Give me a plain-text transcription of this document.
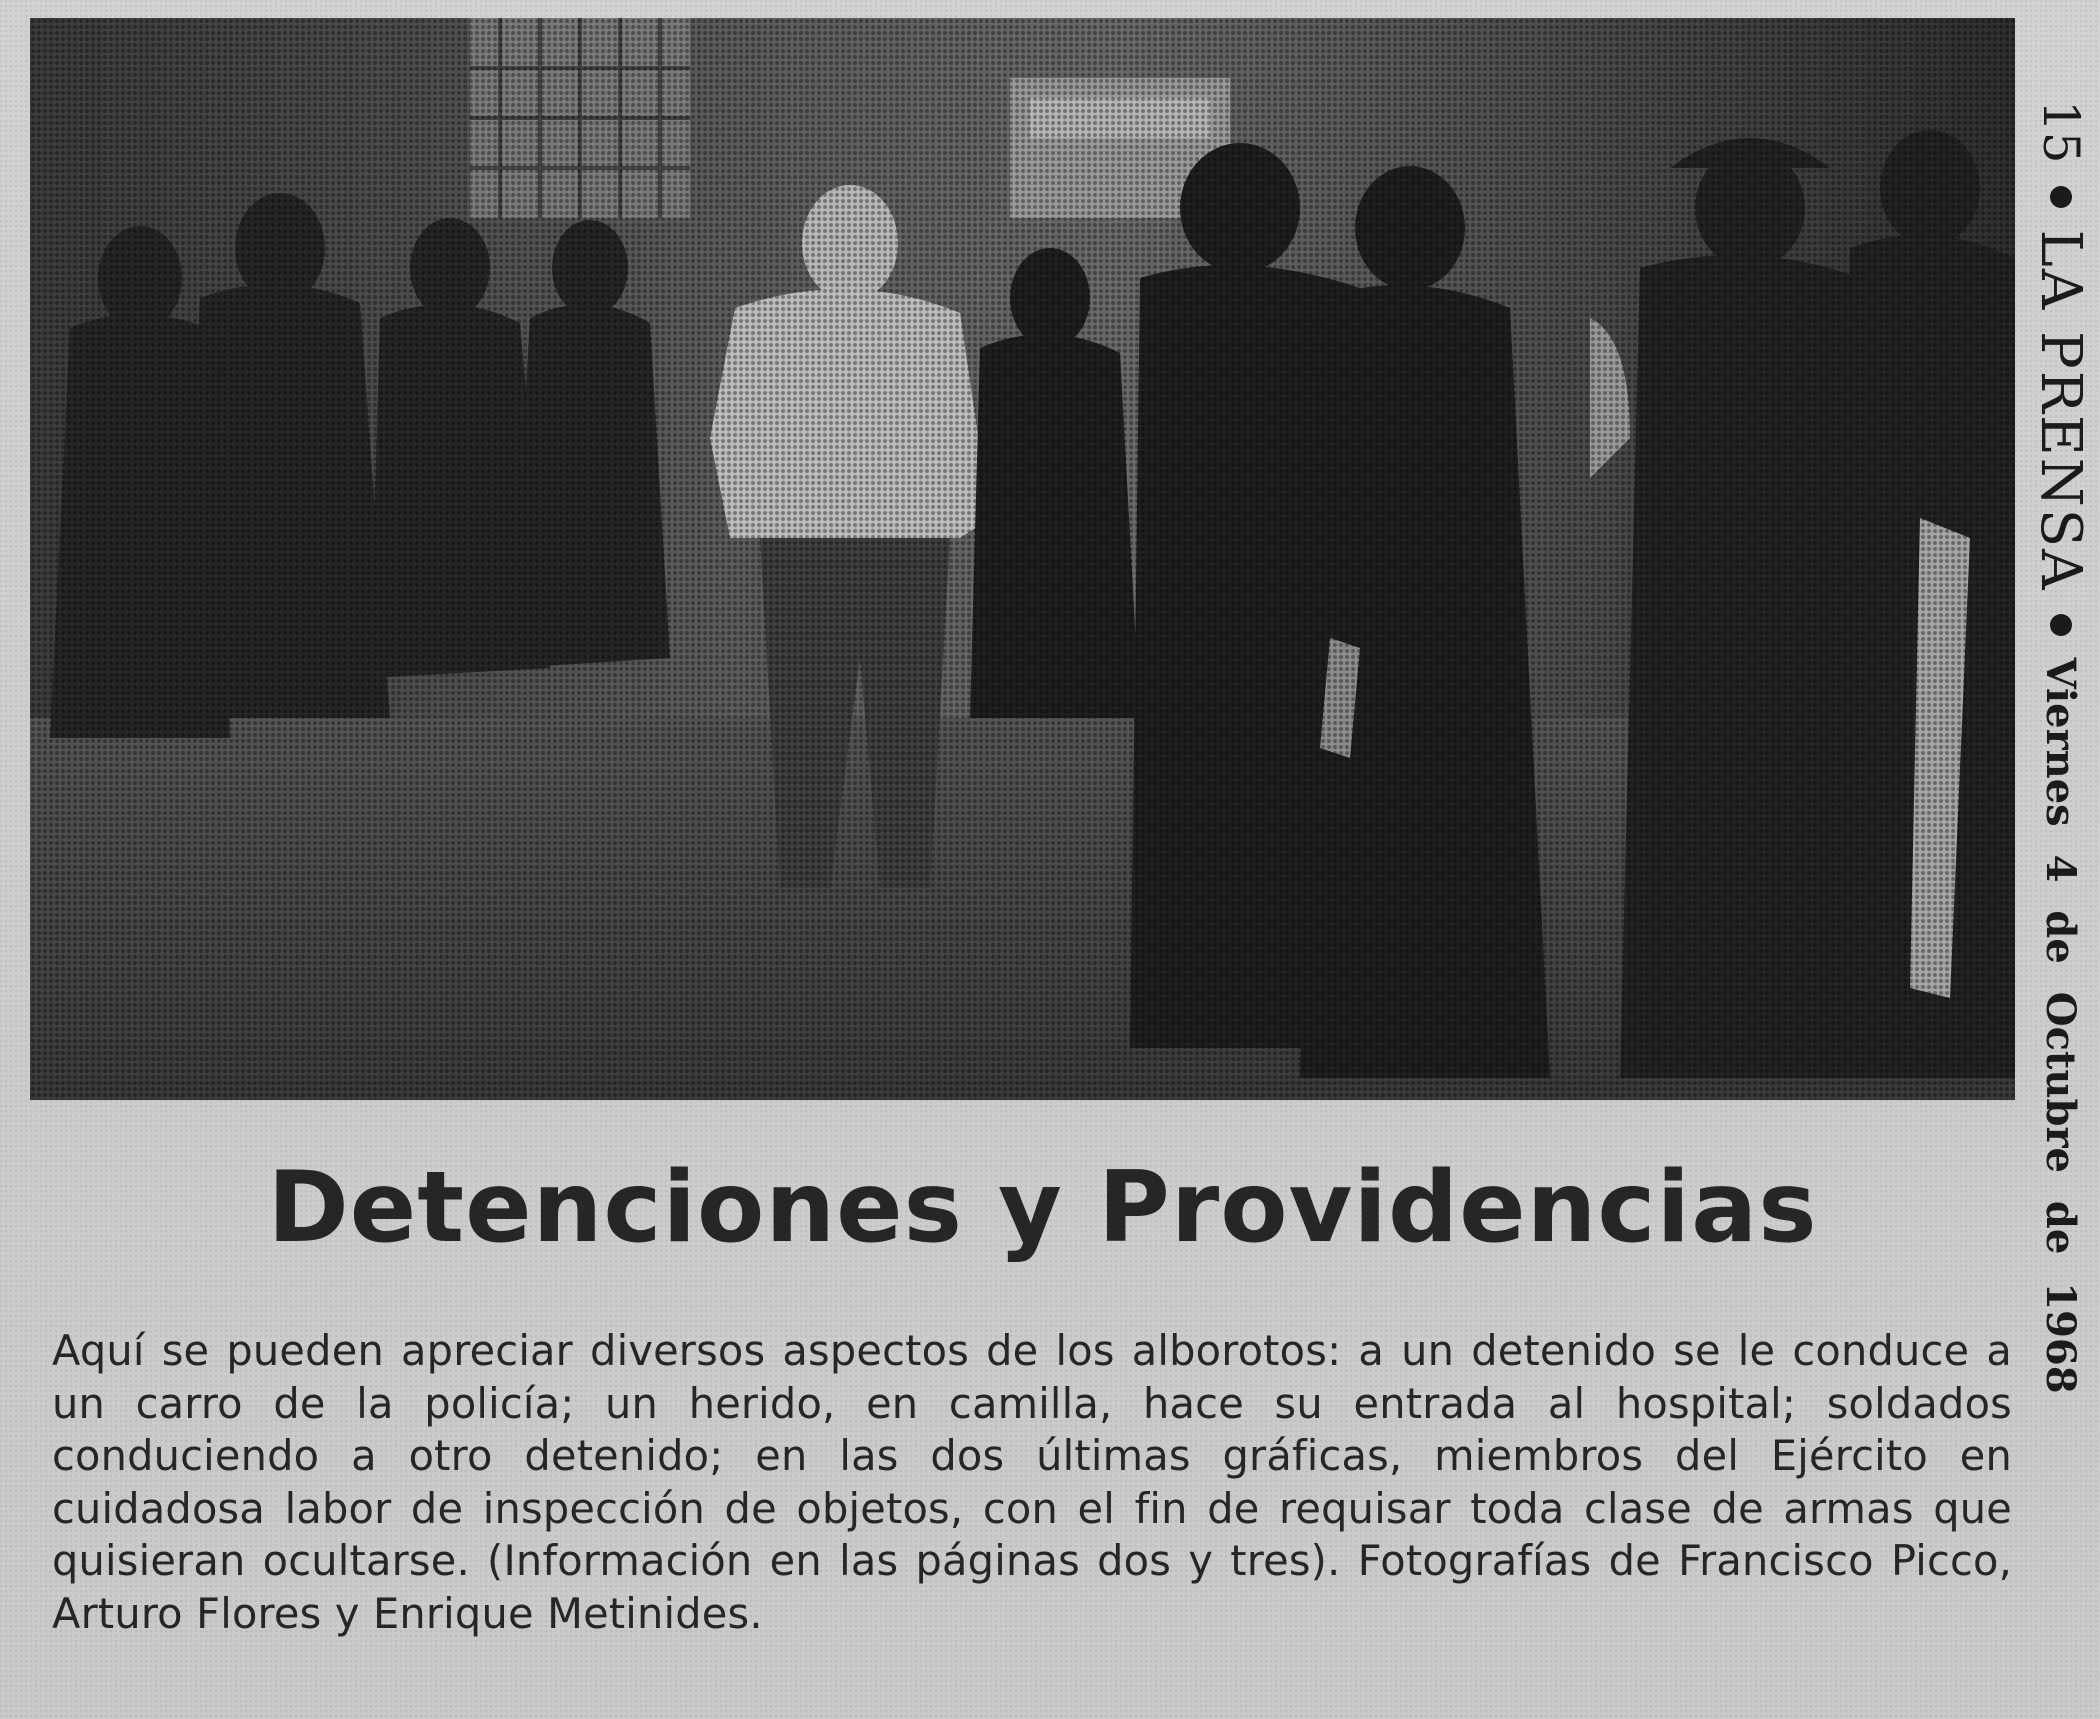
15
LA PRENSA
Viernes 4 de Octubre de 1968
Detenciones y Providencias

Aquí se pueden apreciar diversos aspectos de los alborotos: a un detenido se le conduce a un carro de la policía; un herido, en camilla, hace su entrada al hospital; soldados conduciendo a otro detenido; en las dos últimas gráficas, miembros del Ejército en cuidadosa labor de inspección de objetos, con el fin de requisar toda clase de armas que quisieran ocultarse. (Información en las páginas dos y tres). Fotografías de Francisco Picco, Arturo Flores y Enrique Metinides.
